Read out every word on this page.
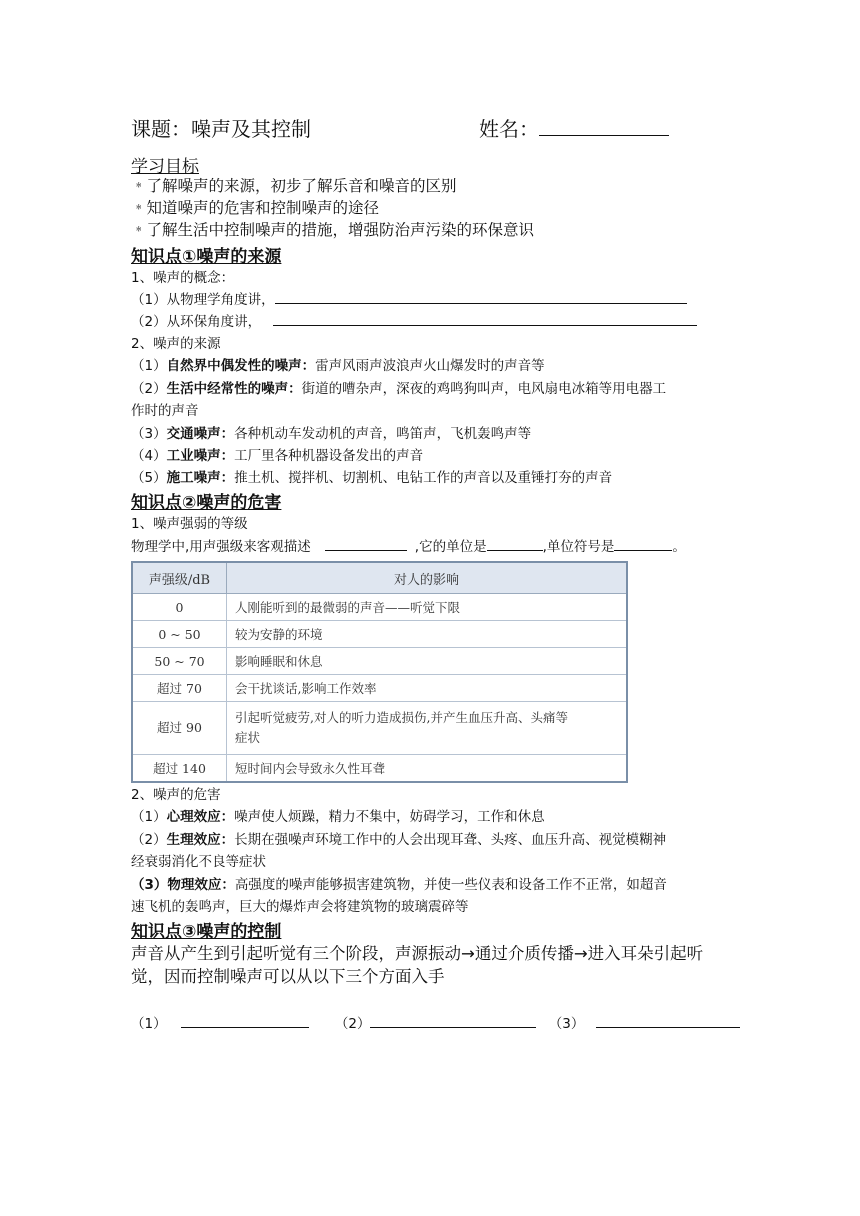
课题：噪声及其控制	姓名：
学习目标
﹡了解噪声的来源，初步了解乐音和噪音的区别
﹡知道噪声的危害和控制噪声的途径
﹡了解生活中控制噪声的措施，增强防治声污染的环保意识
知识点①噪声的来源
1、噪声的概念：
（1）从物理学角度讲，
（2）从环保角度讲，
2、噪声的来源
（1）自然界中偶发性的噪声：雷声风雨声波浪声火山爆发时的声音等
（2）生活中经常性的噪声：街道的嘈杂声，深夜的鸡鸣狗叫声，电风扇电冰箱等用电器工
作时的声音
（3）交通噪声：各种机动车发动机的声音，鸣笛声，飞机轰鸣声等
（4）工业噪声：工厂里各种机器设备发出的声音
（5）施工噪声：推土机、搅拌机、切割机、电钻工作的声音以及重锤打夯的声音
知识点②噪声的危害
1、噪声强弱的等级
物理学中,用声强级来客观描述	,它的单位是	,单位符号是	。
声强级/dB	对人的影响
0	人刚能听到的最微弱的声音——听觉下限
0 ~ 50	较为安静的环境
50 ~ 70	影响睡眠和休息
超过 70	会干扰谈话,影响工作效率
超过 90	引起听觉疲劳,对人的听力造成损伤,并产生血压升高、头痛等
症状
超过 140	短时间内会导致永久性耳聋
2、噪声的危害
（1）心理效应：噪声使人烦躁，精力不集中，妨碍学习，工作和休息
（2）生理效应：长期在强噪声环境工作中的人会出现耳聋、头疼、血压升高、视觉模糊神
经衰弱消化不良等症状
（3）物理效应：高强度的噪声能够损害建筑物，并使一些仪表和设备工作不正常，如超音
速飞机的轰鸣声，巨大的爆炸声会将建筑物的玻璃震碎等
知识点③噪声的控制
声音从产生到引起听觉有三个阶段，声源振动→通过介质传播→进入耳朵引起听
觉，因而控制噪声可以从以下三个方面入手
（1）	（2）	（3）
